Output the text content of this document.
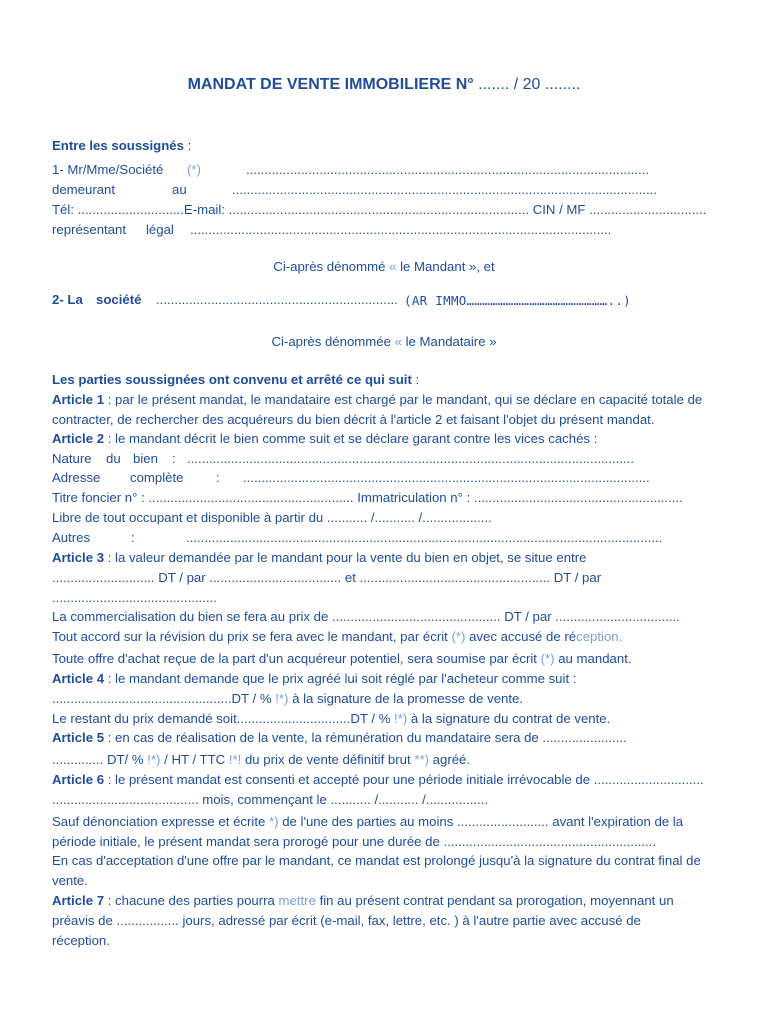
MANDAT DE VENTE IMMOBILIERE N° ....... / 20 ........
Entre les soussignés :
1- Mr/Mme/Société (*)	..............................................................................................................
demeurant	au	....................................................................................................................
Tél: .............................E-mail: .................................................................................. CIN / MF ................................
représentant légal ...................................................................................................................
Ci-après dénommé « le Mandant », et
2- La société .................................................................. (AR IMMO………………………………………………..)
Ci-après dénommée « le Mandataire »
Les parties soussignées ont convenu et arrêté ce qui suit :
Article 1 : par le présent mandat, le mandataire est chargé par le mandant, qui se déclare en capacité totale de
contracter, de rechercher des acquéreurs du bien décrit à l'article 2 et faisant l'objet du présent mandat.
Article 2 : le mandant décrit le bien comme suit et se déclare garant contre les vices cachés :
Nature du bien : ..........................................................................................................................
Adresse complète : ...............................................................................................................
Titre foncier n° : ........................................................ Immatriculation n° : .........................................................
Libre de tout occupant et disponible à partir du ........... /........... /...................
Autres	:	..................................................................................................................................
Article 3 : la valeur demandée par le mandant pour la vente du bien en objet, se situe entre
............................ DT / par .................................... et .................................................... DT / par
.............................................
La commercialisation du bien se fera au prix de .............................................. DT / par ..................................
Tout accord sur la révision du prix se fera avec le mandant, par écrit (*) avec accusé de réception.
Toute offre d'achat reçue de la part d'un acquéreur potentiel, sera soumise par écrit (*) au mandant.
Article 4 : le mandant demande que le prix agréé lui soit réglé par l'acheteur comme suit :
.................................................DT / % !*) à la signature de la promesse de vente.
Le restant du prix demandé soit...............................DT / % !*) à la signature du contrat de vente.
Article 5 : en cas de réalisation de la vente, la rémunération du mandataire sera de .......................
.............. DT/ % !*) / HT / TTC !*! du prix de vente définitif brut **) agréé.
Article 6 : le présent mandat est consenti et accepté pour une période initiale irrévocable de ..............................
........................................ mois, commençant le ........... /........... /.................
Sauf dénonciation expresse et écrite *) de l'une des parties au moins ......................... avant l'expiration de la
période initiale, le présent mandat sera prorogé pour une durée de ..........................................................
En cas d'acceptation d'une offre par le mandant, ce mandat est prolongé jusqu'à la signature du contrat final de
vente.
Article 7 : chacune des parties pourra mettre fin au présent contrat pendant sa prorogation, moyennant un
préavis de ................. jours, adressé par écrit (e-mail, fax, lettre, etc. ) à l'autre partie avec accusé de
réception.
